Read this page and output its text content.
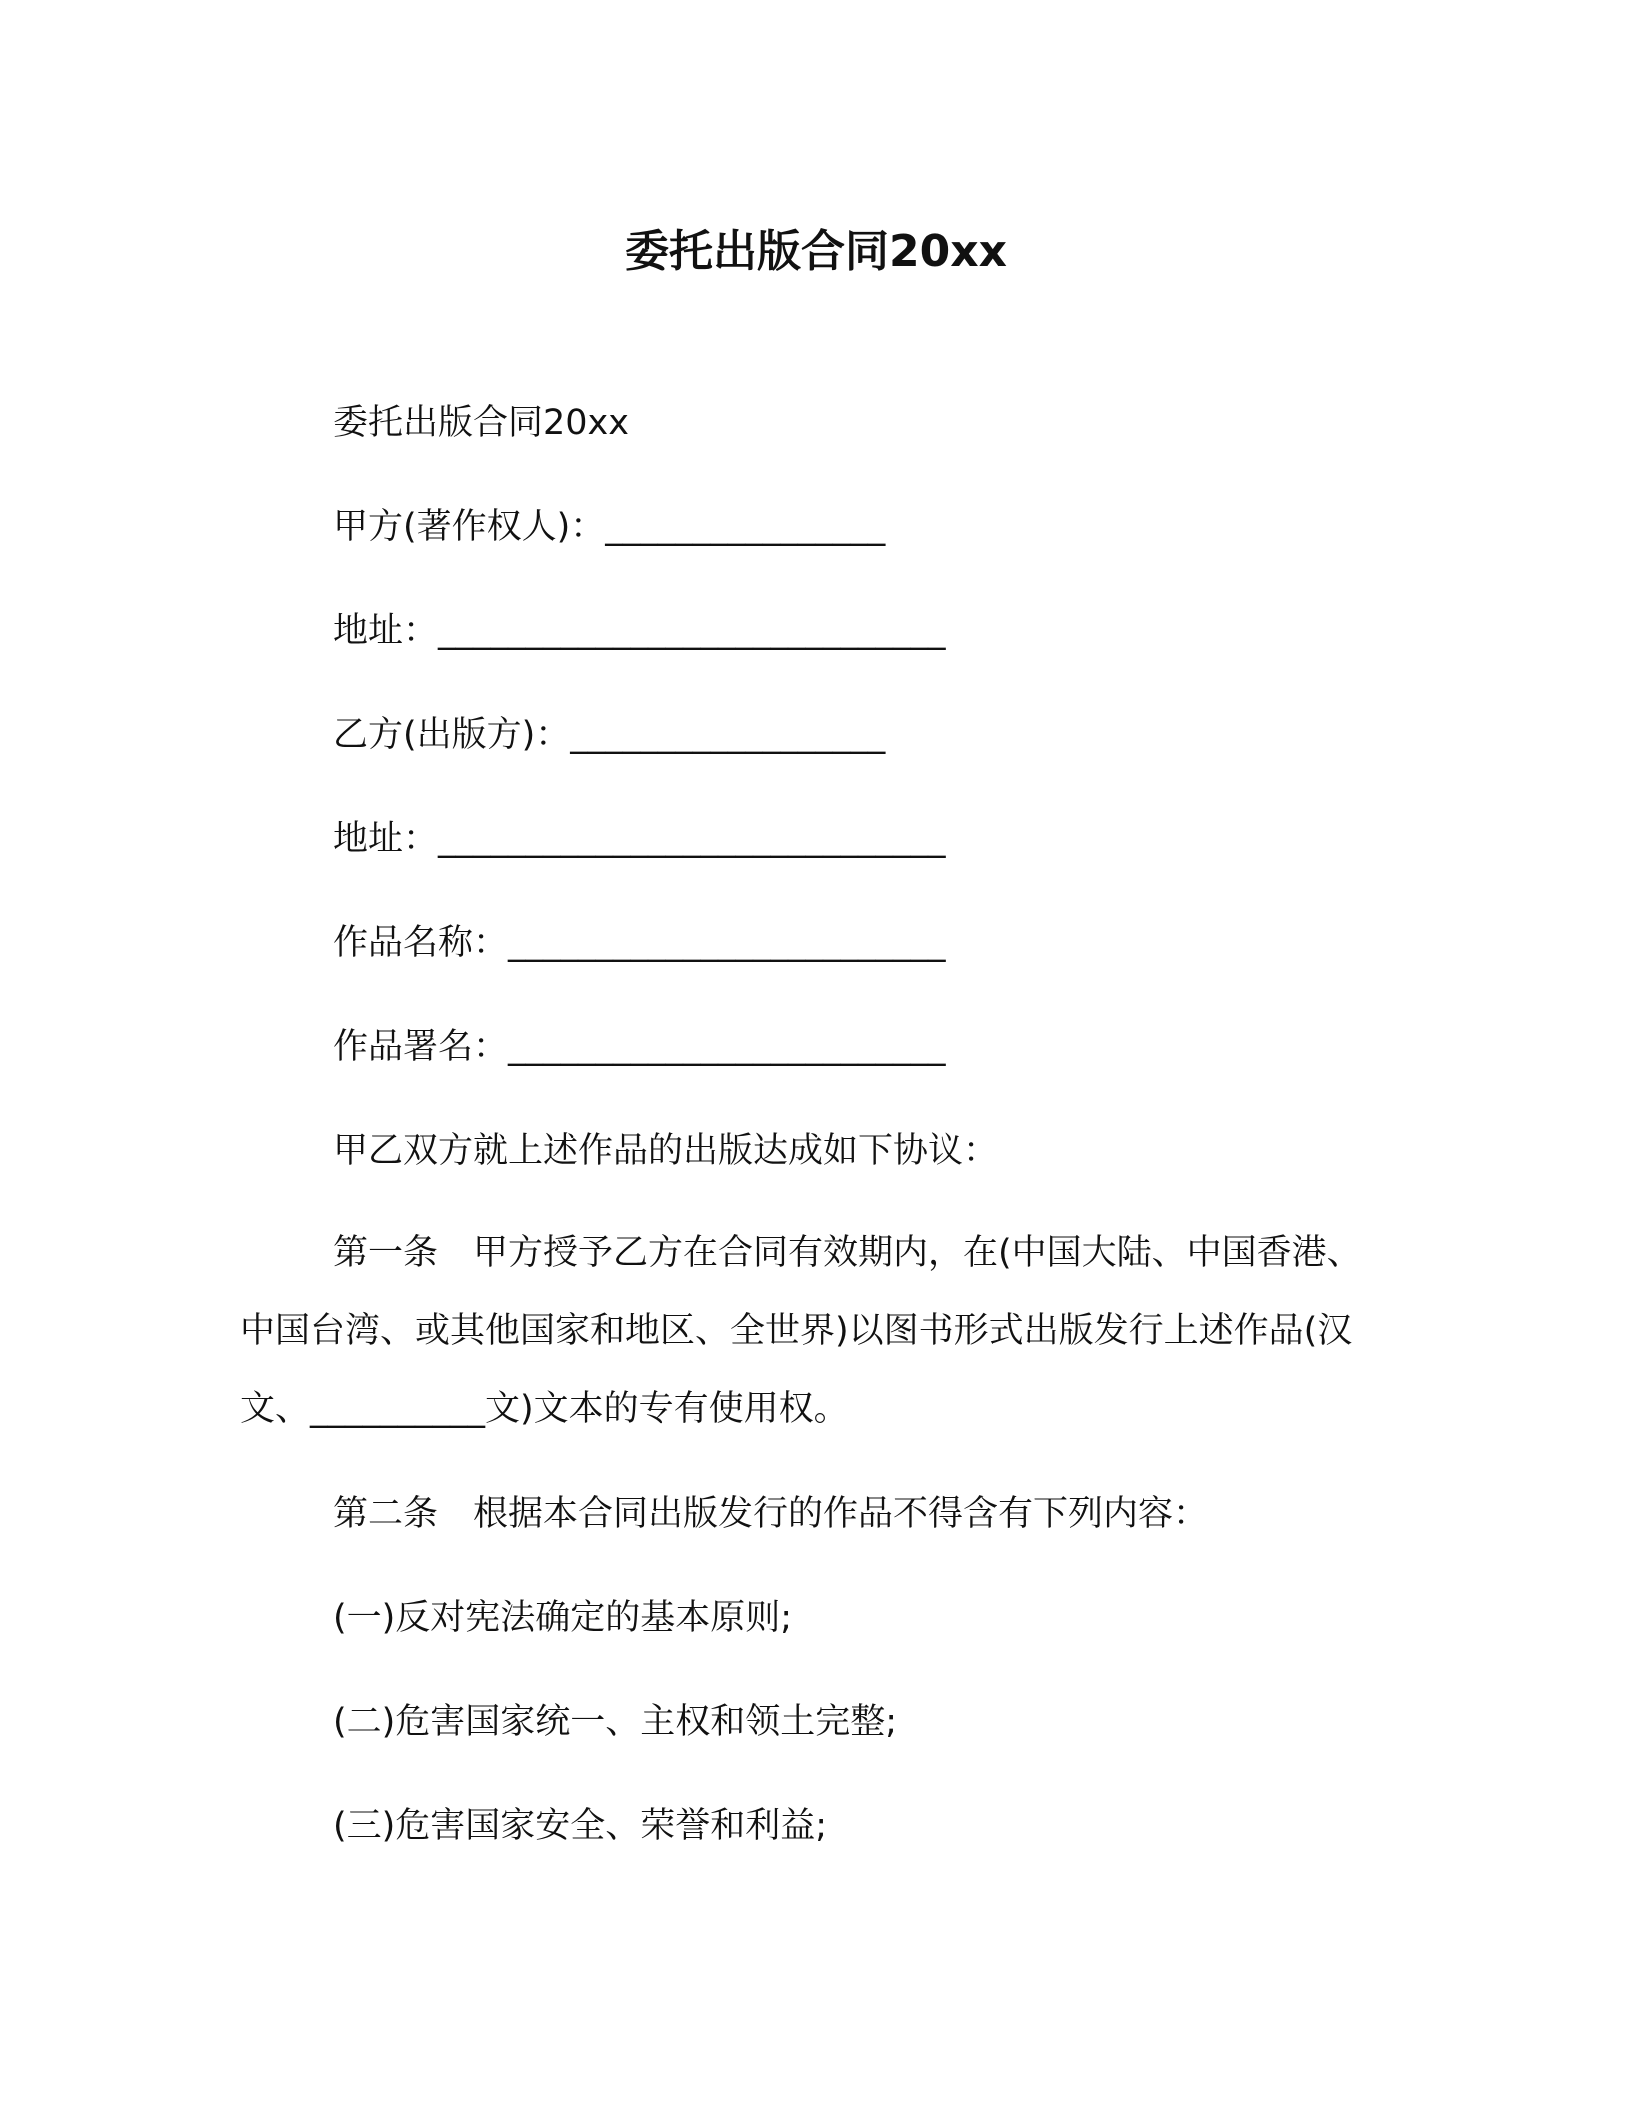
委托出版合同20xx
委托出版合同20xx
甲方(著作权人)：________________
地址：_____________________________
乙方(出版方)：__________________
地址：_____________________________
作品名称：_________________________
作品署名：_________________________
甲乙双方就上述作品的出版达成如下协议：
第一条　甲方授予乙方在合同有效期内，在(中国大陆、中国香港、中国台湾、或其他国家和地区、全世界)以图书形式出版发行上述作品(汉文、__________文)文本的专有使用权。
第二条　根据本合同出版发行的作品不得含有下列内容：
(一)反对宪法确定的基本原则;
(二)危害国家统一、主权和领土完整;
(三)危害国家安全、荣誉和利益;
